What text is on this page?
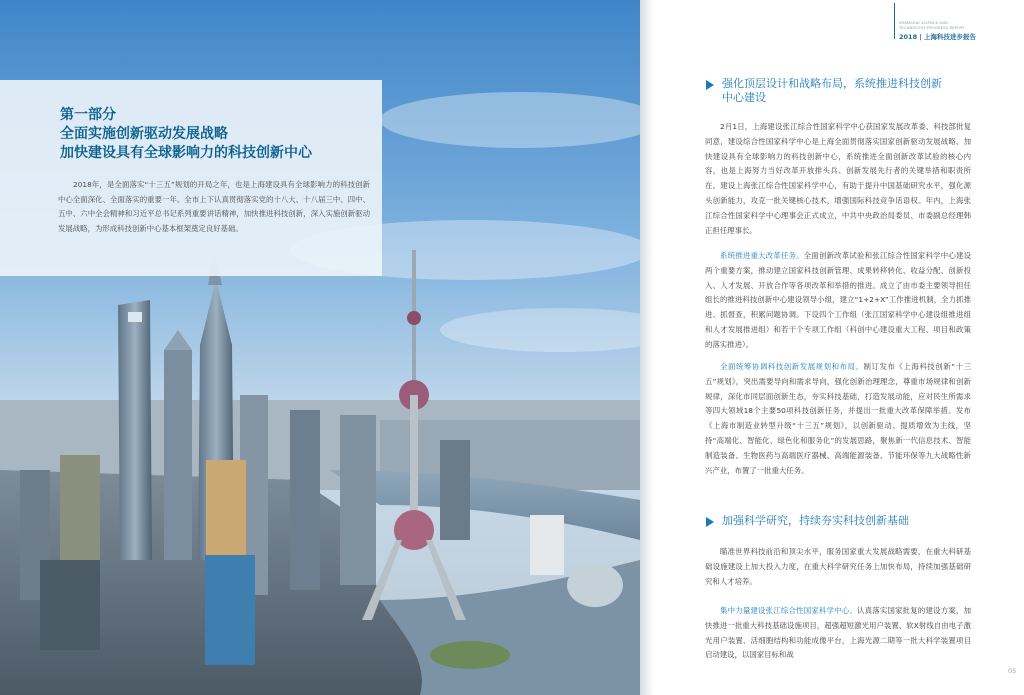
第一部分
全面实施创新驱动发展战略
加快建设具有全球影响力的科技创新中心

2018年，是全面落实“十三五”规划的开局之年，也是上海建设具有全球影响力的科技创新中心全面深化、全面落实的重要一年。全市上下认真贯彻落实党的十八大、十八届三中、四中、五中、六中全会精神和习近平总书记系列重要讲话精神，加快推进科技创新，深入实施创新驱动发展战略，为形成科技创新中心基本框架奠定良好基础。

SHANGHAI SCIENCE AND
TECHNOLOGY PROGRESS REPORT

2018 | 上海科技进步报告

强化顶层设计和战略布局，系统推进科技创新
中心建设

2月1日，上海建设张江综合性国家科学中心获国家发展改革委、科技部批复同意，建设综合性国家科学中心是上海全面贯彻落实国家创新驱动发展战略、加快建设具有全球影响力的科技创新中心，系统推进全面创新改革试验的核心内容，也是上海努力当好改革开放排头兵、创新发展先行者的关键举措和职责所在。建设上海张江综合性国家科学中心，有助于提升中国基础研究水平，强化源头创新能力，攻克一批关键核心技术，增强国际科技竞争话语权。年内，上海张江综合性国家科学中心理事会正式成立，中共中央政治局委员、市委副总经理韩正担任理事长。

系统推进重大改革任务。全面创新改革试验和张江综合性国家科学中心建设两个重要方案，推动建立国家科技创新管理、成果转移转化、收益分配、创新投入、人才发展、开放合作等各项改革和举措的推进。成立了由市委主要领导担任组长的推进科技创新中心建设领导小组，建立“1+2+X”工作推进机制，全力抓推进、抓督查，积累问题协调。下设四个工作组（张江国家科学中心建设组推进组和人才发展推进组）和若干个专项工作组（科创中心建设重大工程、项目和政策的落实推进）。

全面统筹协调科技创新发展规划和布局。制订发布《上海科技创新“十三五”规划》，突出需要导向和需求导向，强化创新治理理念，尊重市场规律和创新规律，深化市同层面创新生态，夯实科技基础，打造发展动能，应对民生所需求等四大领域18个主要50项科技创新任务，并提出一批重大改革保障举措。发布《上海市制造业转型升级“十三五”规划》，以创新驱动、提质增效为主线，坚持“高端化、智能化、绿色化和服务化”的发展思路，聚焦新一代信息技术、智能制造装备、生物医药与高端医疗器械、高端能源装备、节能环保等九大战略性新兴产业，布置了一批重大任务。

加强科学研究，持续夯实科技创新基础

瞄准世界科技前沿和顶尖水平，服务国家重大发展战略需要，在重大科研基础设施建设上加大投入力度，在重大科学研究任务上加快布局，持续加强基础研究和人才培养。

集中力量建设张江综合性国家科学中心。认真落实国家批复的建设方案，加快推进一批重大科技基础设施项目，超强超短激光用户装置、软X射线自由电子激光用户装置、活细胞结构和功能成像平台，上海光源二期等一批大科学装置项目启动建设，以国家目标和战

05
